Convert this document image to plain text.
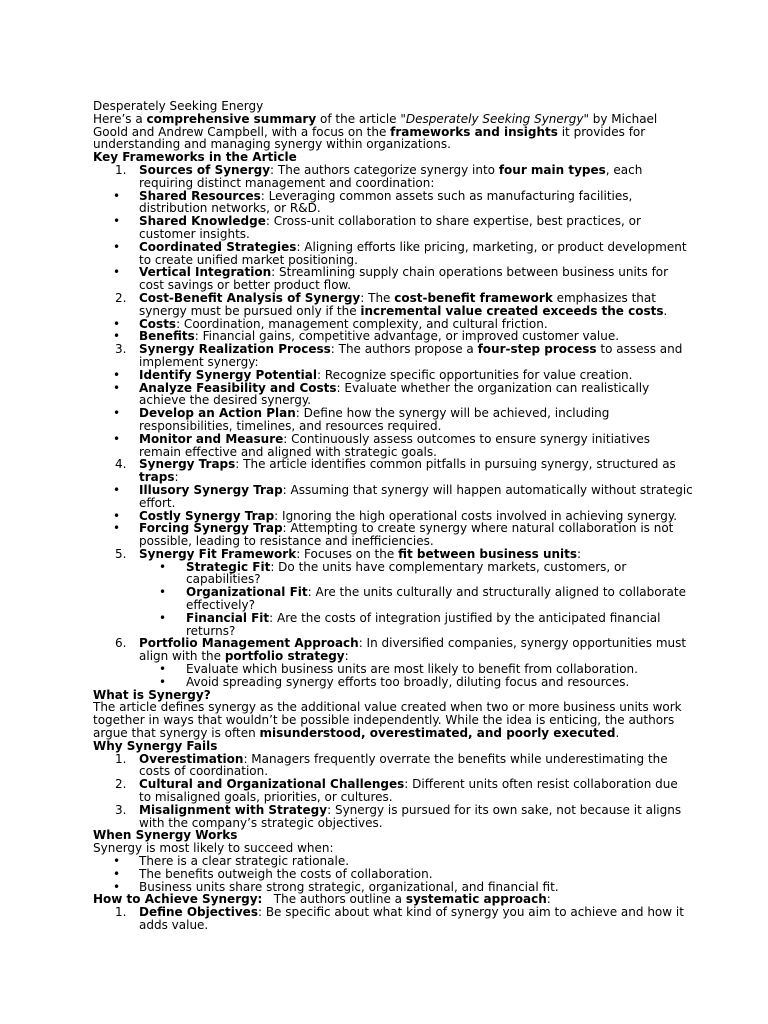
Desperately Seeking Energy

Here’s a comprehensive summary of the article "Desperately Seeking Synergy" by Michael Goold and Andrew Campbell, with a focus on the frameworks and insights it provides for understanding and managing synergy within organizations.

Key Frameworks in the Article

1. Sources of Synergy: The authors categorize synergy into four main types, each requiring distinct management and coordination:
• Shared Resources: Leveraging common assets such as manufacturing facilities, distribution networks, or R&D.
• Shared Knowledge: Cross-unit collaboration to share expertise, best practices, or customer insights.
• Coordinated Strategies: Aligning efforts like pricing, marketing, or product development to create unified market positioning.
• Vertical Integration: Streamlining supply chain operations between business units for cost savings or better product flow.
2. Cost-Benefit Analysis of Synergy: The cost-benefit framework emphasizes that synergy must be pursued only if the incremental value created exceeds the costs.
• Costs: Coordination, management complexity, and cultural friction.
• Benefits: Financial gains, competitive advantage, or improved customer value.
3. Synergy Realization Process: The authors propose a four-step process to assess and implement synergy:
• Identify Synergy Potential: Recognize specific opportunities for value creation.
• Analyze Feasibility and Costs: Evaluate whether the organization can realistically achieve the desired synergy.
• Develop an Action Plan: Define how the synergy will be achieved, including responsibilities, timelines, and resources required.
• Monitor and Measure: Continuously assess outcomes to ensure synergy initiatives remain effective and aligned with strategic goals.
4. Synergy Traps: The article identifies common pitfalls in pursuing synergy, structured as traps:
• Illusory Synergy Trap: Assuming that synergy will happen automatically without strategic effort.
• Costly Synergy Trap: Ignoring the high operational costs involved in achieving synergy.
• Forcing Synergy Trap: Attempting to create synergy where natural collaboration is not possible, leading to resistance and inefficiencies.
5. Synergy Fit Framework: Focuses on the fit between business units:
• Strategic Fit: Do the units have complementary markets, customers, or capabilities?
• Organizational Fit: Are the units culturally and structurally aligned to collaborate effectively?
• Financial Fit: Are the costs of integration justified by the anticipated financial returns?
6. Portfolio Management Approach: In diversified companies, synergy opportunities must align with the portfolio strategy:
• Evaluate which business units are most likely to benefit from collaboration.
• Avoid spreading synergy efforts too broadly, diluting focus and resources.

What is Synergy?

The article defines synergy as the additional value created when two or more business units work together in ways that wouldn’t be possible independently. While the idea is enticing, the authors argue that synergy is often misunderstood, overestimated, and poorly executed.

Why Synergy Fails

1. Overestimation: Managers frequently overrate the benefits while underestimating the costs of coordination.
2. Cultural and Organizational Challenges: Different units often resist collaboration due to misaligned goals, priorities, or cultures.
3. Misalignment with Strategy: Synergy is pursued for its own sake, not because it aligns with the company’s strategic objectives.

When Synergy Works

Synergy is most likely to succeed when:

• There is a clear strategic rationale.
• The benefits outweigh the costs of collaboration.
• Business units share strong strategic, organizational, and financial fit.

How to Achieve Synergy: The authors outline a systematic approach:

1. Define Objectives: Be specific about what kind of synergy you aim to achieve and how it adds value.
